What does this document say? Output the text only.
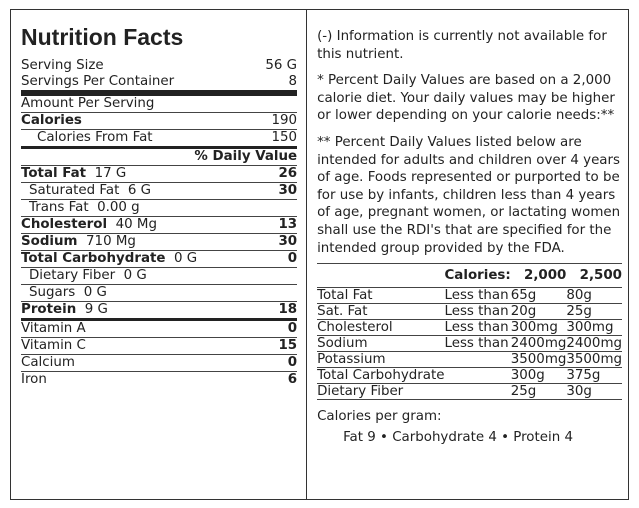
Nutrition Facts
Serving Size	56 G
Servings Per Container	8
Amount Per Serving
Calories	190
Calories From Fat	150
% Daily Value
Total Fat 17 G	26
Saturated Fat 6 G	30
Trans Fat 0.00 g
Cholesterol 40 Mg	13
Sodium 710 Mg	30
Total Carbohydrate 0 G	0
Dietary Fiber 0 G
Sugars 0 G
Protein 9 G	18
Vitamin A	0
Vitamin C	15
Calcium	0
Iron	6

(-) Information is currently not available for this nutrient.

* Percent Daily Values are based on a 2,000 calorie diet. Your daily values may be higher or lower depending on your calorie needs:**

** Percent Daily Values listed below are intended for adults and children over 4 years of age. Foods represented or purported to be for use by infants, children less than 4 years of age, pregnant women, or lactating women shall use the RDI's that are specified for the intended group provided by the FDA.

	Calories:	2,000	2,500
Total Fat	Less than	65g	80g
Sat. Fat	Less than	20g	25g
Cholesterol	Less than	300mg	300mg
Sodium	Less than	2400mg	2400mg
Potassium		3500mg	3500mg
Total Carbohydrate		300g	375g
Dietary Fiber		25g	30g
Calories per gram:
Fat 9 • Carbohydrate 4 • Protein 4
